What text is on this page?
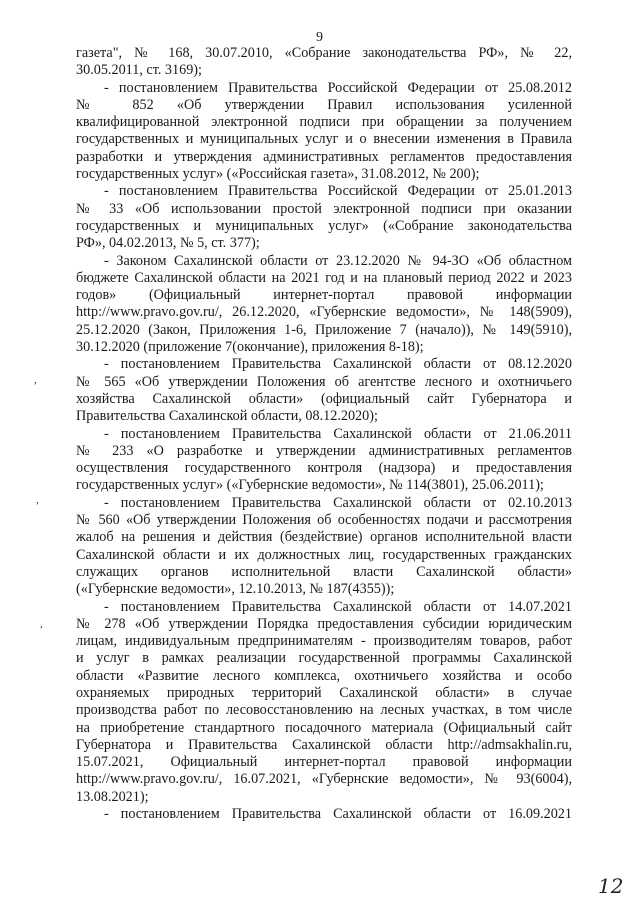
9
газета", № 168, 30.07.2010, «Собрание законодательства РФ», № 22,
30.05.2011, ст. 3169);
- постановлением Правительства Российской Федерации от 25.08.2012
№ 852 «Об утверждении Правил использования усиленной
квалифицированной электронной подписи при обращении за получением
государственных и муниципальных услуг и о внесении изменения в Правила
разработки и утверждения административных регламентов предоставления
государственных услуг» («Российская газета», 31.08.2012, № 200);
- постановлением Правительства Российской Федерации от 25.01.2013
№ 33 «Об использовании простой электронной подписи при оказании
государственных и муниципальных услуг» («Собрание законодательства
РФ», 04.02.2013, № 5, ст. 377);
- Законом Сахалинской области от 23.12.2020 № 94-ЗО «Об областном
бюджете Сахалинской области на 2021 год и на плановый период 2022 и 2023
годов» (Официальный интернет-портал правовой информации
http://www.pravo.gov.ru/, 26.12.2020, «Губернские ведомости», № 148(5909),
25.12.2020 (Закон, Приложения 1-6, Приложение 7 (начало)), № 149(5910),
30.12.2020 (приложение 7(окончание), приложения 8-18);
- постановлением Правительства Сахалинской области от 08.12.2020
№ 565 «Об утверждении Положения об агентстве лесного и охотничьего
хозяйства Сахалинской области» (официальный сайт Губернатора и
Правительства Сахалинской области, 08.12.2020);
- постановлением Правительства Сахалинской области от 21.06.2011
№ 233 «О разработке и утверждении административных регламентов
осуществления государственного контроля (надзора) и предоставления
государственных услуг» («Губернские ведомости», № 114(3801), 25.06.2011);
- постановлением Правительства Сахалинской области от 02.10.2013
№ 560 «Об утверждении Положения об особенностях подачи и рассмотрения
жалоб на решения и действия (бездействие) органов исполнительной власти
Сахалинской области и их должностных лиц, государственных гражданских
служащих органов исполнительной власти Сахалинской области»
(«Губернские ведомости», 12.10.2013, № 187(4355));
- постановлением Правительства Сахалинской области от 14.07.2021
№ 278 «Об утверждении Порядка предоставления субсидии юридическим
лицам, индивидуальным предпринимателям - производителям товаров, работ
и услуг в рамках реализации государственной программы Сахалинской
области «Развитие лесного комплекса, охотничьего хозяйства и особо
охраняемых природных территорий Сахалинской области» в случае
производства работ по лесовосстановлению на лесных участках, в том числе
на приобретение стандартного посадочного материала (Официальный сайт
Губернатора и Правительства Сахалинской области http://admsakhalin.ru,
15.07.2021, Официальный интернет-портал правовой информации
http://www.pravo.gov.ru/, 16.07.2021, «Губернские ведомости», № 93(6004),
13.08.2021);
- постановлением Правительства Сахалинской области от 16.09.2021
,
,
,
12
